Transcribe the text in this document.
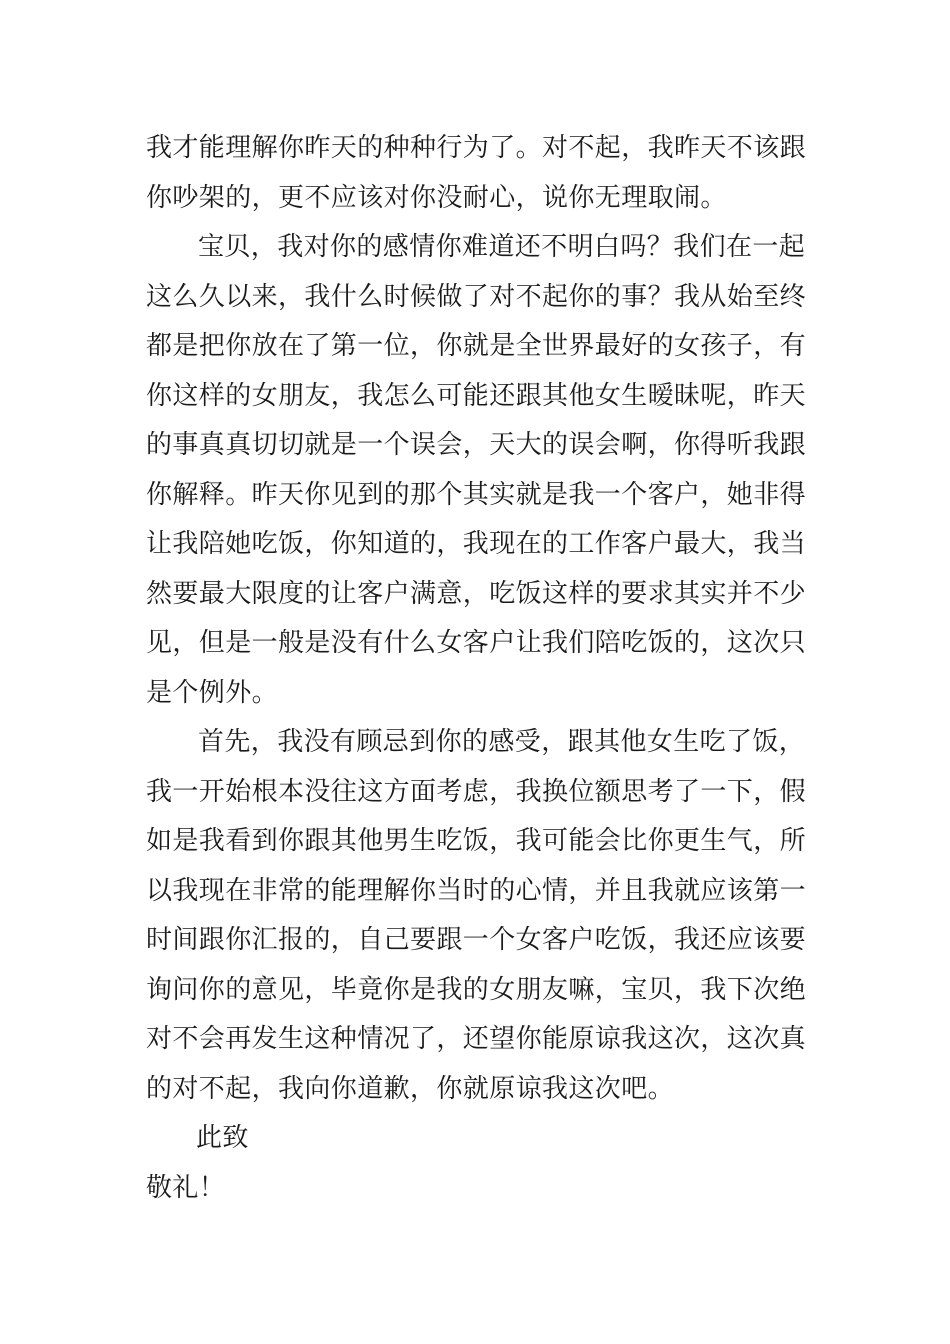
我才能理解你昨天的种种行为了。对不起，我昨天不该跟
你吵架的，更不应该对你没耐心，说你无理取闹。
宝贝，我对你的感情你难道还不明白吗？我们在一起
这么久以来，我什么时候做了对不起你的事？我从始至终
都是把你放在了第一位，你就是全世界最好的女孩子，有
你这样的女朋友，我怎么可能还跟其他女生暧昧呢，昨天
的事真真切切就是一个误会，天大的误会啊，你得听我跟
你解释。昨天你见到的那个其实就是我一个客户，她非得
让我陪她吃饭，你知道的，我现在的工作客户最大，我当
然要最大限度的让客户满意，吃饭这样的要求其实并不少
见，但是一般是没有什么女客户让我们陪吃饭的，这次只
是个例外。
首先，我没有顾忌到你的感受，跟其他女生吃了饭，
我一开始根本没往这方面考虑，我换位额思考了一下，假
如是我看到你跟其他男生吃饭，我可能会比你更生气，所
以我现在非常的能理解你当时的心情，并且我就应该第一
时间跟你汇报的，自己要跟一个女客户吃饭，我还应该要
询问你的意见，毕竟你是我的女朋友嘛，宝贝，我下次绝
对不会再发生这种情况了，还望你能原谅我这次，这次真
的对不起，我向你道歉，你就原谅我这次吧。
此致
敬礼！
